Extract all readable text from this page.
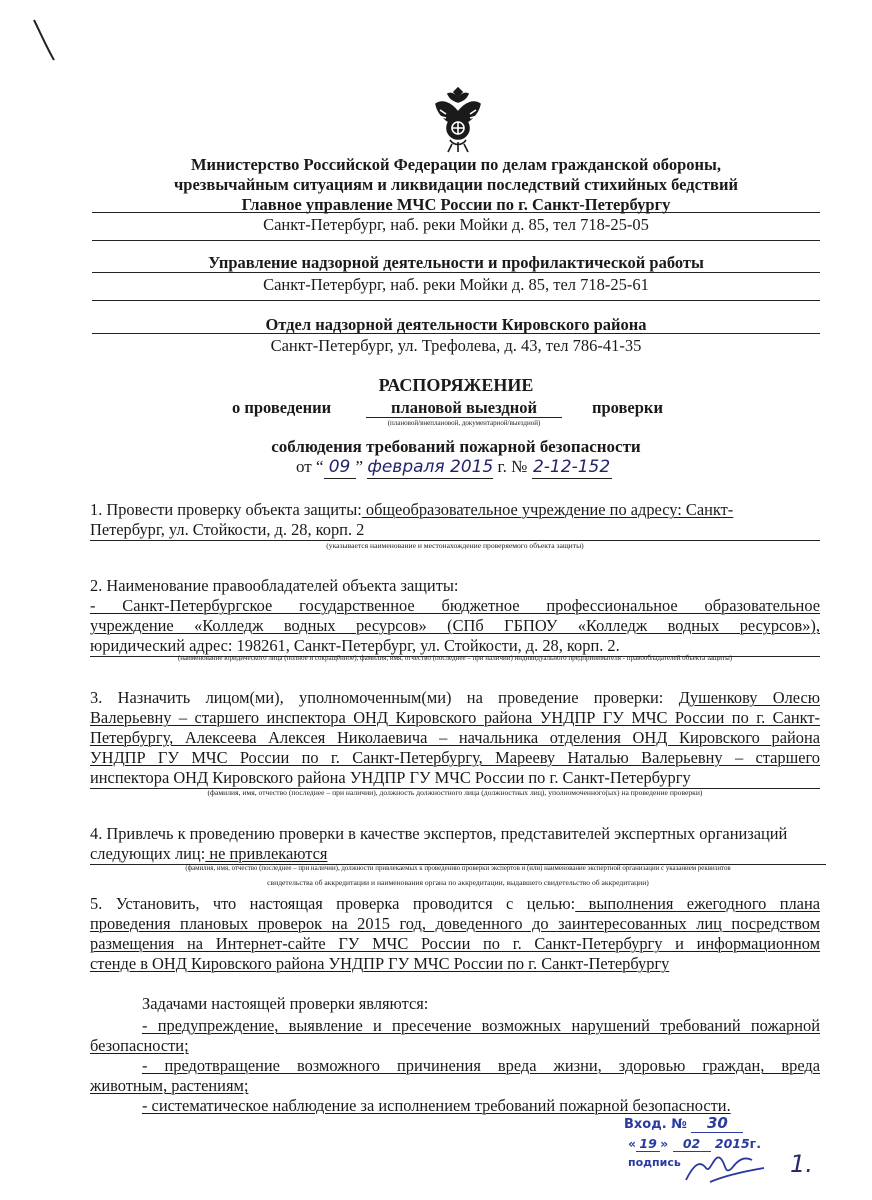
Министерство Российской Федерации по делам гражданской обороны,
чрезвычайным ситуациям и ликвидации последствий стихийных бедствий
Главное управление МЧС России по г. Санкт-Петербургу
Санкт-Петербург, наб. реки Мойки д. 85, тел 718-25-05
Управление надзорной деятельности и профилактической работы
Санкт-Петербург, наб. реки Мойки д. 85, тел 718-25-61
Отдел надзорной деятельности Кировского района
Санкт-Петербург, ул. Трефолева, д. 43, тел 786-41-35
РАСПОРЯЖЕНИЕ
о проведении	плановой выездной
(плановой/внеплановой, документарной/выездной)
проверки
соблюдения требований пожарной безопасности
от “ 09 ” февраля 2015 г. № 2-12-152
1. Провести проверку объекта защиты: общеобразовательное учреждение по адресу: Санкт-
Петербург, ул. Стойкости, д. 28, корп. 2
(указывается наименование и местонахождение проверяемого объекта защиты)
2. Наименование правообладателей объекта защиты:
- Санкт-Петербургское государственное бюджетное профессиональное образовательное
учреждение «Колледж водных ресурсов» (СПб ГБПОУ «Колледж водных ресурсов»),
юридический адрес: 198261, Санкт-Петербург, ул. Стойкости, д. 28, корп. 2.
(наименование юридического лица (полное и сокращённое), фамилия, имя, отчество (последнее – при наличии) индивидуального предпринимателя - правообладателей объекта защиты)
3. Назначить лицом(ми), уполномоченным(ми) на проведение проверки: Душенкову Олесю
Валерьевну – старшего инспектора ОНД Кировского района УНДПР ГУ МЧС России по г. Санкт-
Петербургу, Алексеева Алексея Николаевича – начальника отделения ОНД Кировского района
УНДПР ГУ МЧС России по г. Санкт-Петербургу, Марееву Наталью Валерьевну – старшего
инспектора ОНД Кировского района УНДПР ГУ МЧС России по г. Санкт-Петербургу
(фамилия, имя, отчество (последнее – при наличии), должность должностного лица (должностных лиц), уполномоченного(ых) на проведение проверки)
4. Привлечь к проведению проверки в качестве экспертов, представителей экспертных организаций
следующих лиц: не привлекаются
(фамилия, имя, отчество (последнее – при наличии), должности привлекаемых к проведению проверки экспертов и (или) наименование экспертной организации с указанием реквизитов
свидетельства об аккредитации и наименования органа по аккредитации, выдавшего свидетельство об аккредитации)
5. Установить, что настоящая проверка проводится с целью: выполнения ежегодного плана
проведения плановых проверок на 2015 год, доведенного до заинтересованных лиц посредством
размещения на Интернет-сайте ГУ МЧС России по г. Санкт-Петербургу и информационном
стенде в ОНД Кировского района УНДПР ГУ МЧС России по г. Санкт-Петербургу
Задачами настоящей проверки являются:
- предупреждение, выявление и пресечение возможных нарушений требований пожарной
безопасности;
- предотвращение возможного причинения вреда жизни, здоровью граждан, вреда
животным, растениям;
- систематическое наблюдение за исполнением требований пожарной безопасности.
Вход. № 30
« 19 » 02 2015г.
подпись	1.
